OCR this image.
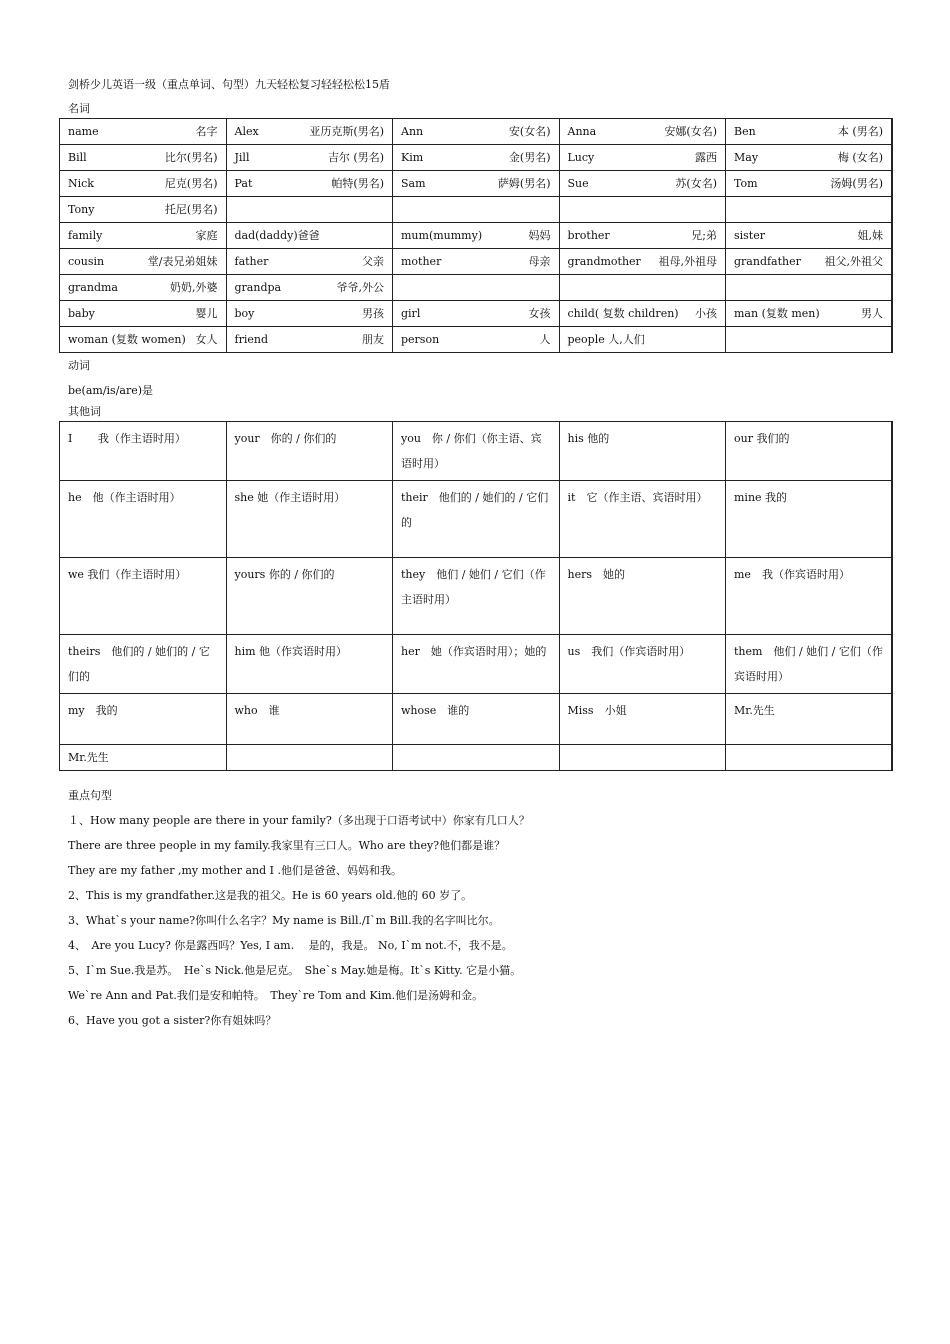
剑桥少儿英语一级（重点单词、句型）九天轻松复习轻轻松松15盾

名词

name 名字	Alex 亚历克斯(男名)	Ann 安(女名)	Anna 安娜(女名)	Ben 本 (男名)

Bill 比尔(男名)	Jill 吉尔 (男名)	Kim 金(男名)	Lucy 露西	May 梅 (女名)

Nick 尼克(男名)	Pat 帕特(男名)	Sam 萨姆(男名)	Sue 苏(女名)	Tom 汤姆(男名)

Tony 托尼(男名)				

family 家庭	dad(daddy)爸爸	mum(mummy) 妈妈	brother 兄;弟	sister 姐,妹

cousin 堂/表兄弟姐妹	father 父亲	mother 母亲	grandmother 祖母,外祖母	grandfather 祖父,外祖父

grandma 奶奶,外婆	grandpa 爷爷,外公			

baby 婴儿	boy 男孩	girl 女孩	child( 复数 children) 小孩	man (复数 men) 男人

woman (复数 women) 女人	friend 朋友	person 人	people 人,人们	

动词

be(am/is/are)是

其他词

I 　　我（作主语时用）	your　你的 / 你们的	you　你 / 你们（你主语、宾语时用）	his 他的	our 我们的
he　他（作主语时用）	she 她（作主语时用）	their　他们的 / 她们的 / 它们的	it　它（作主语、宾语时用）	mine 我的
we 我们（作主语时用）	yours 你的 / 你们的	they　他们 / 她们 / 它们（作主语时用）	hers　她的	me　我（作宾语时用）
theirs　他们的 / 她们的 / 它们的	him 他（作宾语时用）	her　她（作宾语时用）；她的	us　我们（作宾语时用）	them　他们 / 她们 / 它们（作宾语时用）
my　我的	who　谁	whose　谁的	Miss　小姐	Mr.先生
Mr.先生				

重点句型

１、How many people are there in your family?（多出现于口语考试中）你家有几口人？

There are three people in my family.我家里有三口人。Who are they?他们都是谁？

They are my father ,my mother and I .他们是爸爸、妈妈和我。

2、This is my grandfather.这是我的祖父。He is 60 years old.他的 60 岁了。

3、What`s your name?你叫什么名字？My name is Bill./I`m Bill.我的名字叫比尔。

4、　Are you Lucy? 你是露西吗？Yes, I am.　 是的，我是。 No, I`m not.不，我不是。

5、I`m Sue.我是苏。　He`s Nick.他是尼克。　She`s May.她是梅。It`s Kitty. 它是小猫。

We`re Ann and Pat.我们是安和帕特。　They`re Tom and Kim.他们是汤姆和金。

6、Have you got a sister?你有姐妹吗？
